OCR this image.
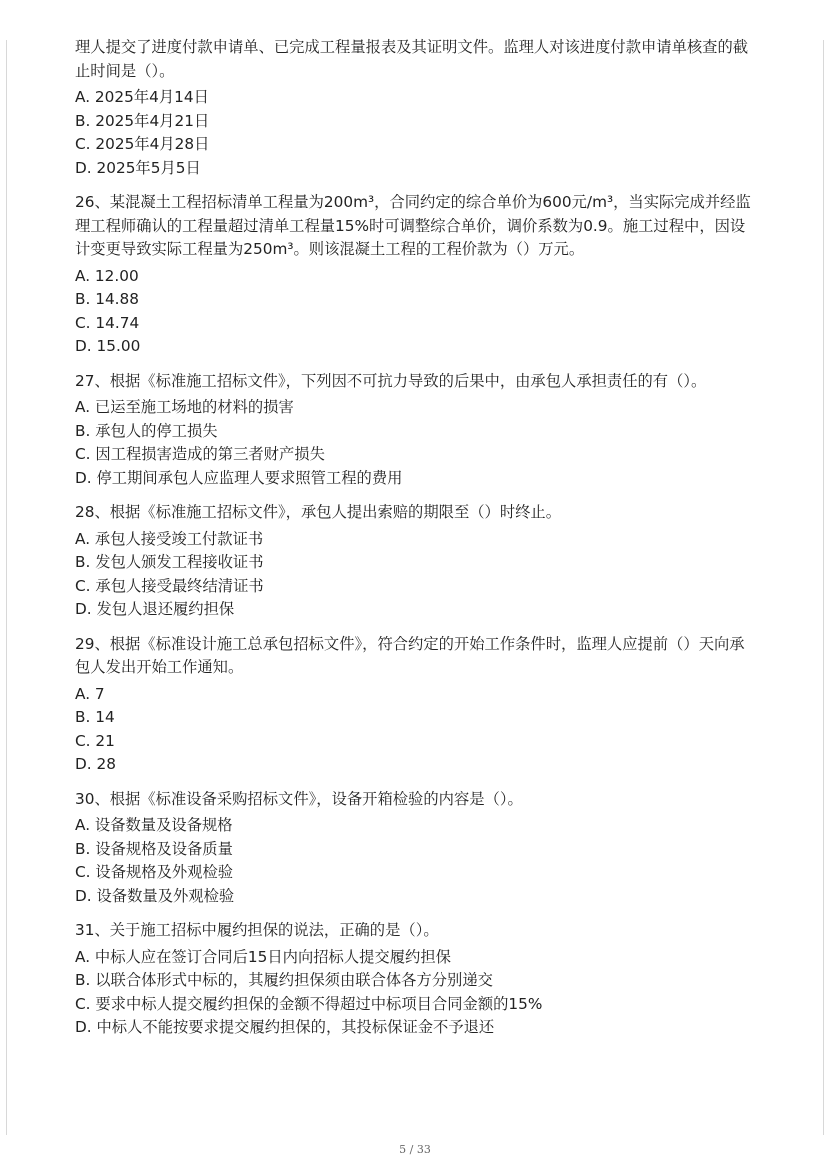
理人提交了进度付款申请单、已完成工程量报表及其证明文件。监理人对该进度付款申请单核查的截止时间是（）。

A. 2025年4月14日

B. 2025年4月21日

C. 2025年4月28日

D. 2025年5月5日

26、某混凝土工程招标清单工程量为200m³，合同约定的综合单价为600元/m³，当实际完成并经监理工程师确认的工程量超过清单工程量15%时可调整综合单价，调价系数为0.9。施工过程中，因设计变更导致实际工程量为250m³。则该混凝土工程的工程价款为（）万元。

A. 12.00

B. 14.88

C. 14.74

D. 15.00

27、根据《标准施工招标文件》，下列因不可抗力导致的后果中，由承包人承担责任的有（）。

A. 已运至施工场地的材料的损害

B. 承包人的停工损失

C. 因工程损害造成的第三者财产损失

D. 停工期间承包人应监理人要求照管工程的费用

28、根据《标准施工招标文件》，承包人提出索赔的期限至（）时终止。

A. 承包人接受竣工付款证书

B. 发包人颁发工程接收证书

C. 承包人接受最终结清证书

D. 发包人退还履约担保

29、根据《标准设计施工总承包招标文件》，符合约定的开始工作条件时，监理人应提前（）天向承包人发出开始工作通知。

A. 7

B. 14

C. 21

D. 28

30、根据《标准设备采购招标文件》，设备开箱检验的内容是（）。

A. 设备数量及设备规格

B. 设备规格及设备质量

C. 设备规格及外观检验

D. 设备数量及外观检验

31、关于施工招标中履约担保的说法，正确的是（）。

A. 中标人应在签订合同后15日内向招标人提交履约担保

B. 以联合体形式中标的，其履约担保须由联合体各方分别递交

C. 要求中标人提交履约担保的金额不得超过中标项目合同金额的15%

D. 中标人不能按要求提交履约担保的，其投标保证金不予退还

5 / 33
